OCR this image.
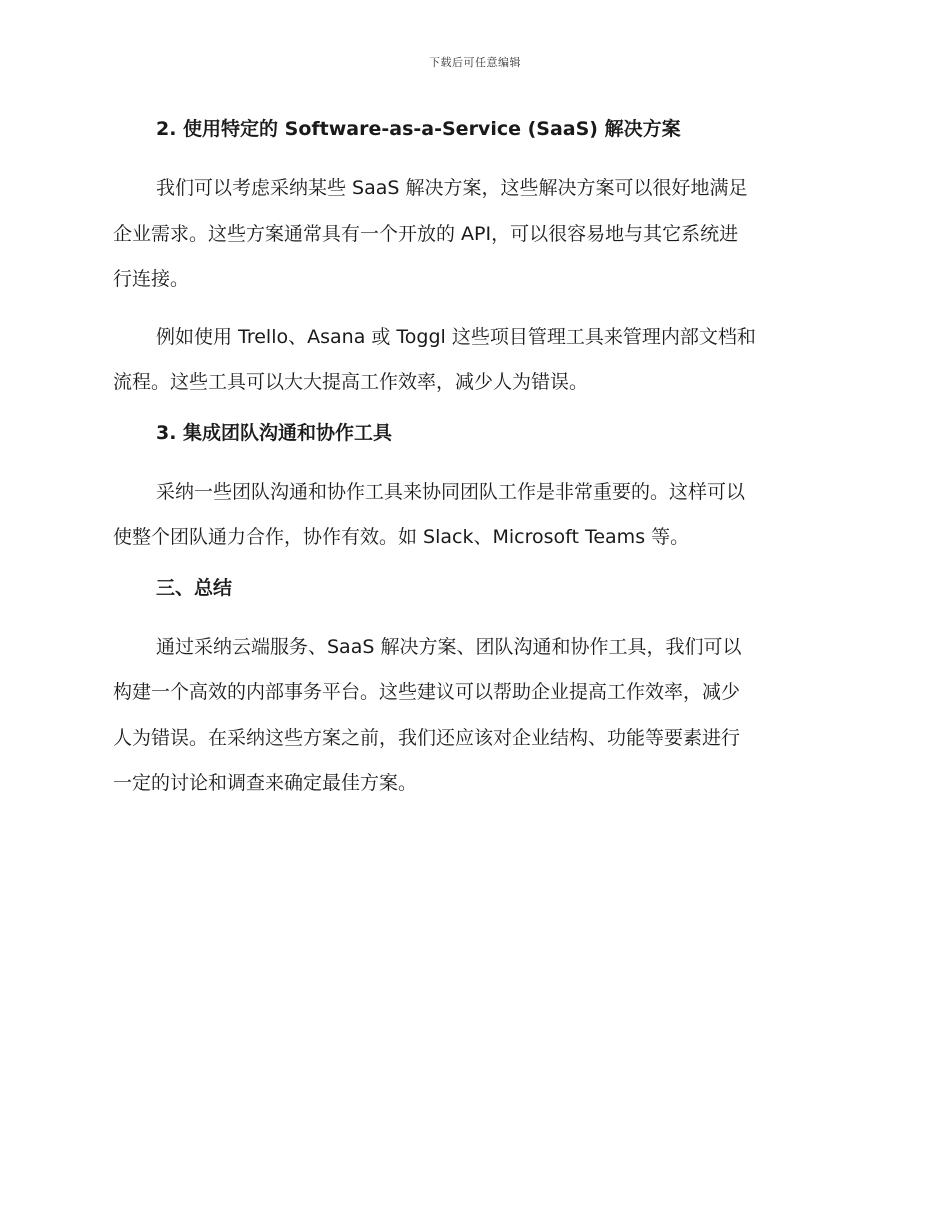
下载后可任意编辑
2. 使用特定的 Software-as-a-Service (SaaS) 解决方案

我们可以考虑采纳某些 SaaS 解决方案，这些解决方案可以很好地满足
企业需求。这些方案通常具有一个开放的 API，可以很容易地与其它系统进
行连接。

例如使用 Trello、Asana 或 Toggl 这些项目管理工具来管理内部文档和
流程。这些工具可以大大提高工作效率，减少人为错误。

3. 集成团队沟通和协作工具

采纳一些团队沟通和协作工具来协同团队工作是非常重要的。这样可以
使整个团队通力合作，协作有效。如 Slack、Microsoft Teams 等。

三、总结

通过采纳云端服务、SaaS 解决方案、团队沟通和协作工具，我们可以
构建一个高效的内部事务平台。这些建议可以帮助企业提高工作效率，减少
人为错误。在采纳这些方案之前，我们还应该对企业结构、功能等要素进行
一定的讨论和调查来确定最佳方案。
